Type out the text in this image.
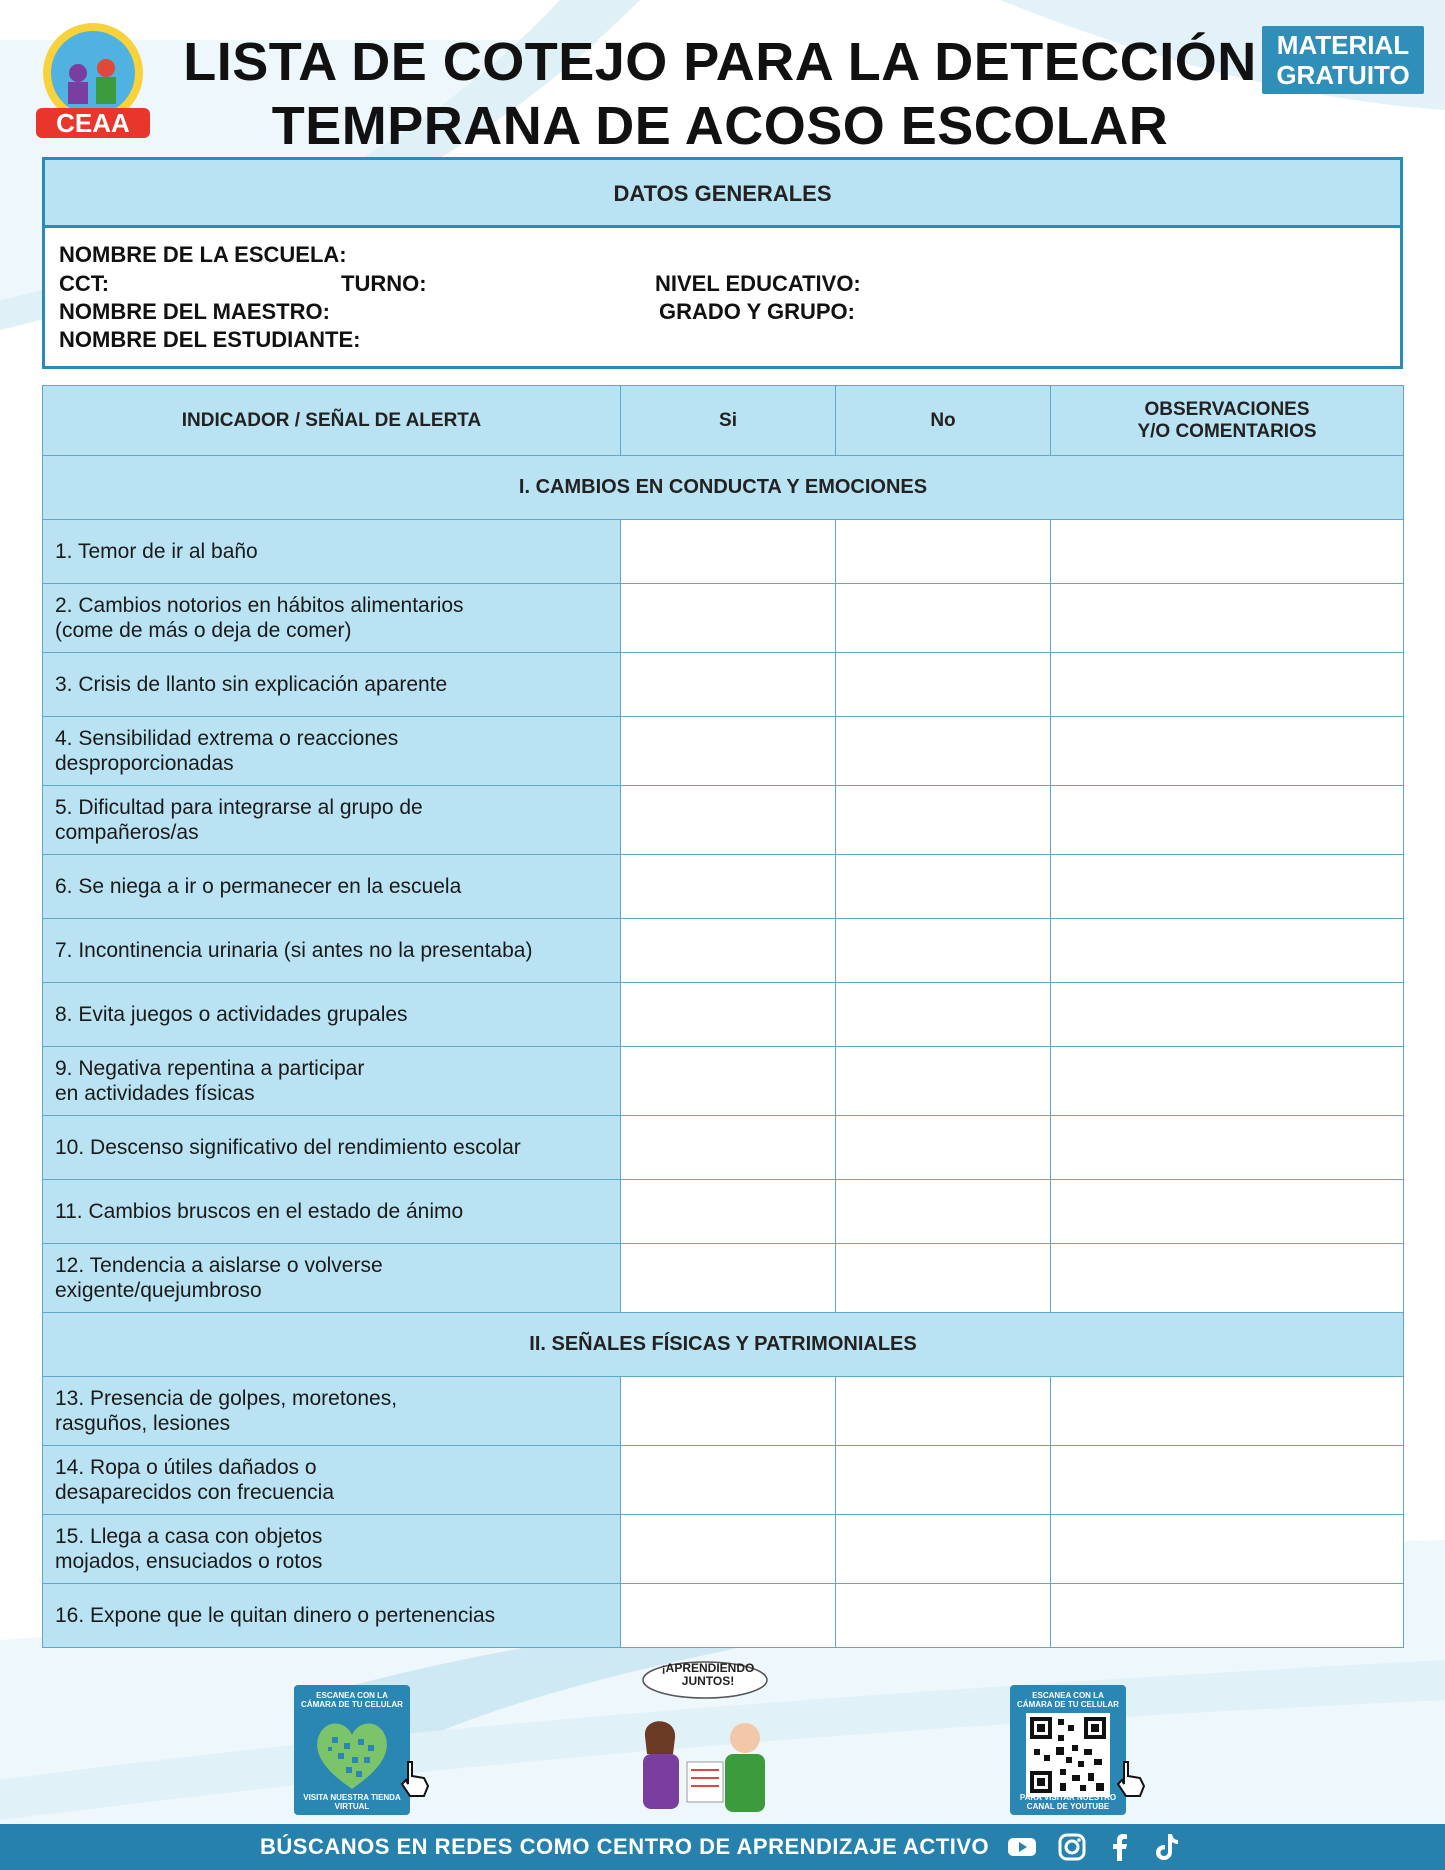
CEAA
LISTA DE COTEJO PARA LA DETECCIÓN
TEMPRANA DE ACOSO ESCOLAR
MATERIAL
GRATUITO
DATOS GENERALES
NOMBRE DE LA ESCUELA:
CCT:	TURNO:	NIVEL EDUCATIVO:
NOMBRE DEL MAESTRO:	GRADO Y GRUPO:
NOMBRE DEL ESTUDIANTE:
INDICADOR / SEÑAL DE ALERTA	Si	No	OBSERVACIONES
Y/O COMENTARIOS
I. CAMBIOS EN CONDUCTA Y EMOCIONES			
1. Temor de ir al baño			
2. Cambios notorios en hábitos alimentarios
(come de más o deja de comer)			
3. Crisis de llanto sin explicación aparente			
4. Sensibilidad extrema o reacciones
desproporcionadas			
5. Dificultad para integrarse al grupo de
compañeros/as			
6. Se niega a ir o permanecer en la escuela			
7. Incontinencia urinaria (si antes no la presentaba)			
8. Evita juegos o actividades grupales			
9. Negativa repentina a participar
en actividades físicas			
10. Descenso significativo del rendimiento escolar			
11. Cambios bruscos en el estado de ánimo			
12. Tendencia a aislarse o volverse
exigente/quejumbroso			
II. SEÑALES FÍSICAS Y PATRIMONIALES			
13. Presencia de golpes, moretones,
rasguños, lesiones			
14. Ropa o útiles dañados o
desaparecidos con frecuencia			
15. Llega a casa con objetos
mojados, ensuciados o rotos			
16. Expone que le quitan dinero o pertenencias			
ESCANEA CON LA CÁMARA DE TU CELULAR
VISITA NUESTRA TIENDA VIRTUAL
¡APRENDIENDO JUNTOS!
ESCANEA CON LA CÁMARA DE TU CELULAR
PARA VISITAR NUESTRO CANAL DE YOUTUBE
BÚSCANOS EN REDES COMO CENTRO DE APRENDIZAJE ACTIVO
